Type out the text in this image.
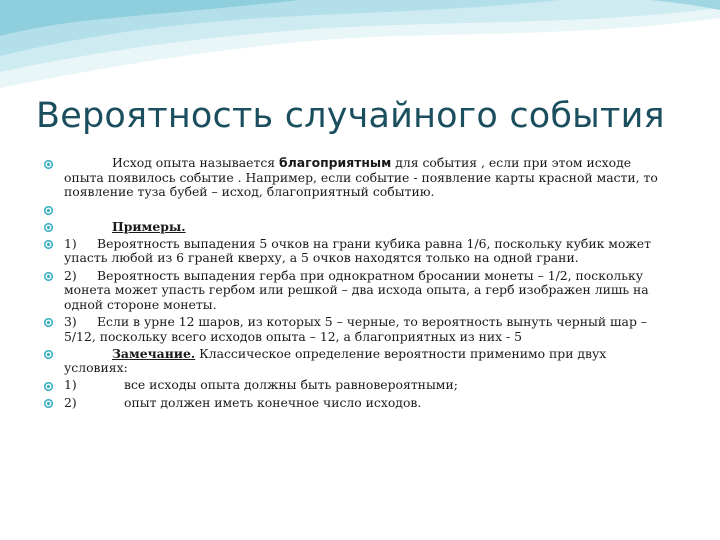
Вероятность случайного события
Исход опыта называется благоприятным для события , если при этом исходе опыта появилось событие . Например, если событие - появление карты красной масти, то появление туза бубей – исход, благоприятный событию.
Примеры.
1) Вероятность выпадения 5 очков на грани кубика равна 1/6, поскольку кубик может упасть любой из 6 граней кверху, а 5 очков находятся только на одной грани.
2) Вероятность выпадения герба при однократном бросании монеты – 1/2, поскольку монета может упасть гербом или решкой – два исхода опыта, а герб изображен лишь на одной стороне монеты.
3) Если в урне 12 шаров, из которых 5 – черные, то вероятность вынуть черный шар – 5/12, поскольку всего исходов опыта – 12, а благоприятных из них - 5
Замечание. Классическое определение вероятности применимо при двух условиях:
1)	все исходы опыта должны быть равновероятными;
2)	опыт должен иметь конечное число исходов.
